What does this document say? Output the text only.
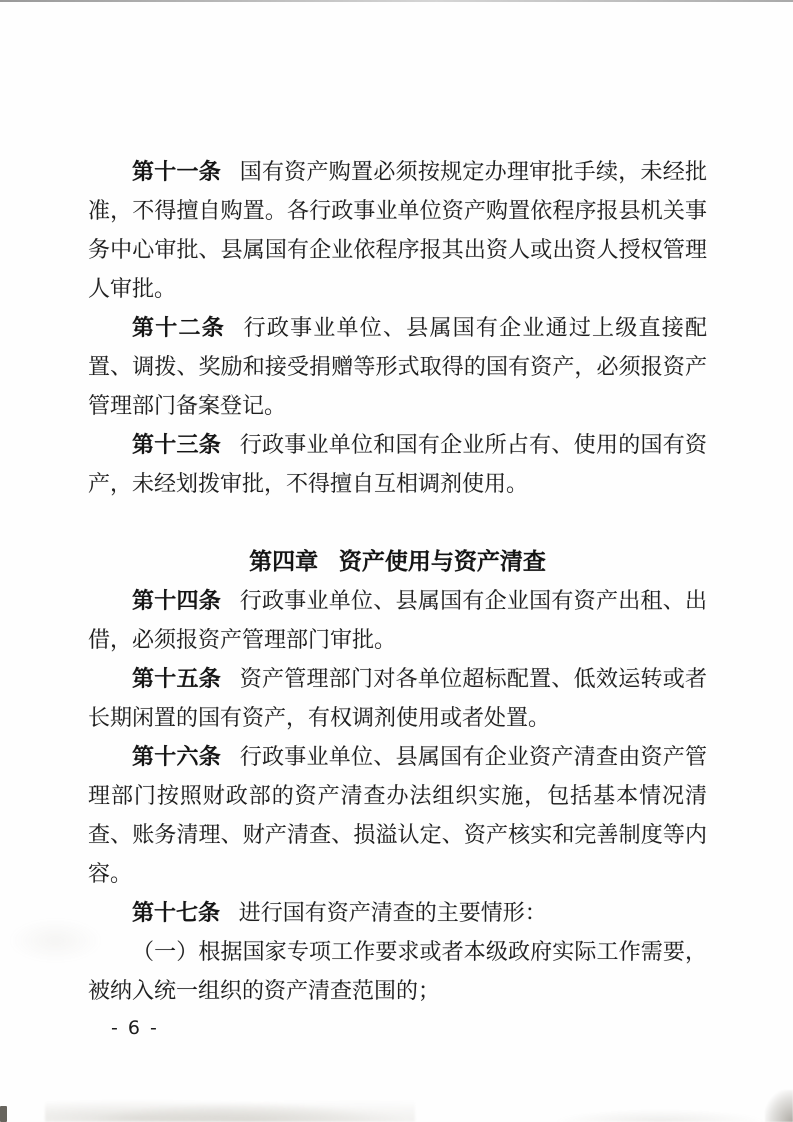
第十一条 国有资产购置必须按规定办理审批手续，未经批准，不得擅自购置。各行政事业单位资产购置依程序报县机关事务中心审批、县属国有企业依程序报其出资人或出资人授权管理人审批。

第十二条 行政事业单位、县属国有企业通过上级直接配置、调拨、奖励和接受捐赠等形式取得的国有资产，必须报资产管理部门备案登记。

第十三条 行政事业单位和国有企业所占有、使用的国有资产，未经划拨审批，不得擅自互相调剂使用。

第四章 资产使用与资产清查

第十四条 行政事业单位、县属国有企业国有资产出租、出借，必须报资产管理部门审批。

第十五条 资产管理部门对各单位超标配置、低效运转或者长期闲置的国有资产，有权调剂使用或者处置。

第十六条 行政事业单位、县属国有企业资产清查由资产管理部门按照财政部的资产清查办法组织实施，包括基本情况清查、账务清理、财产清查、损溢认定、资产核实和完善制度等内容。

第十七条 进行国有资产清查的主要情形：

（一）根据国家专项工作要求或者本级政府实际工作需要，被纳入统一组织的资产清查范围的；

- 6 -
